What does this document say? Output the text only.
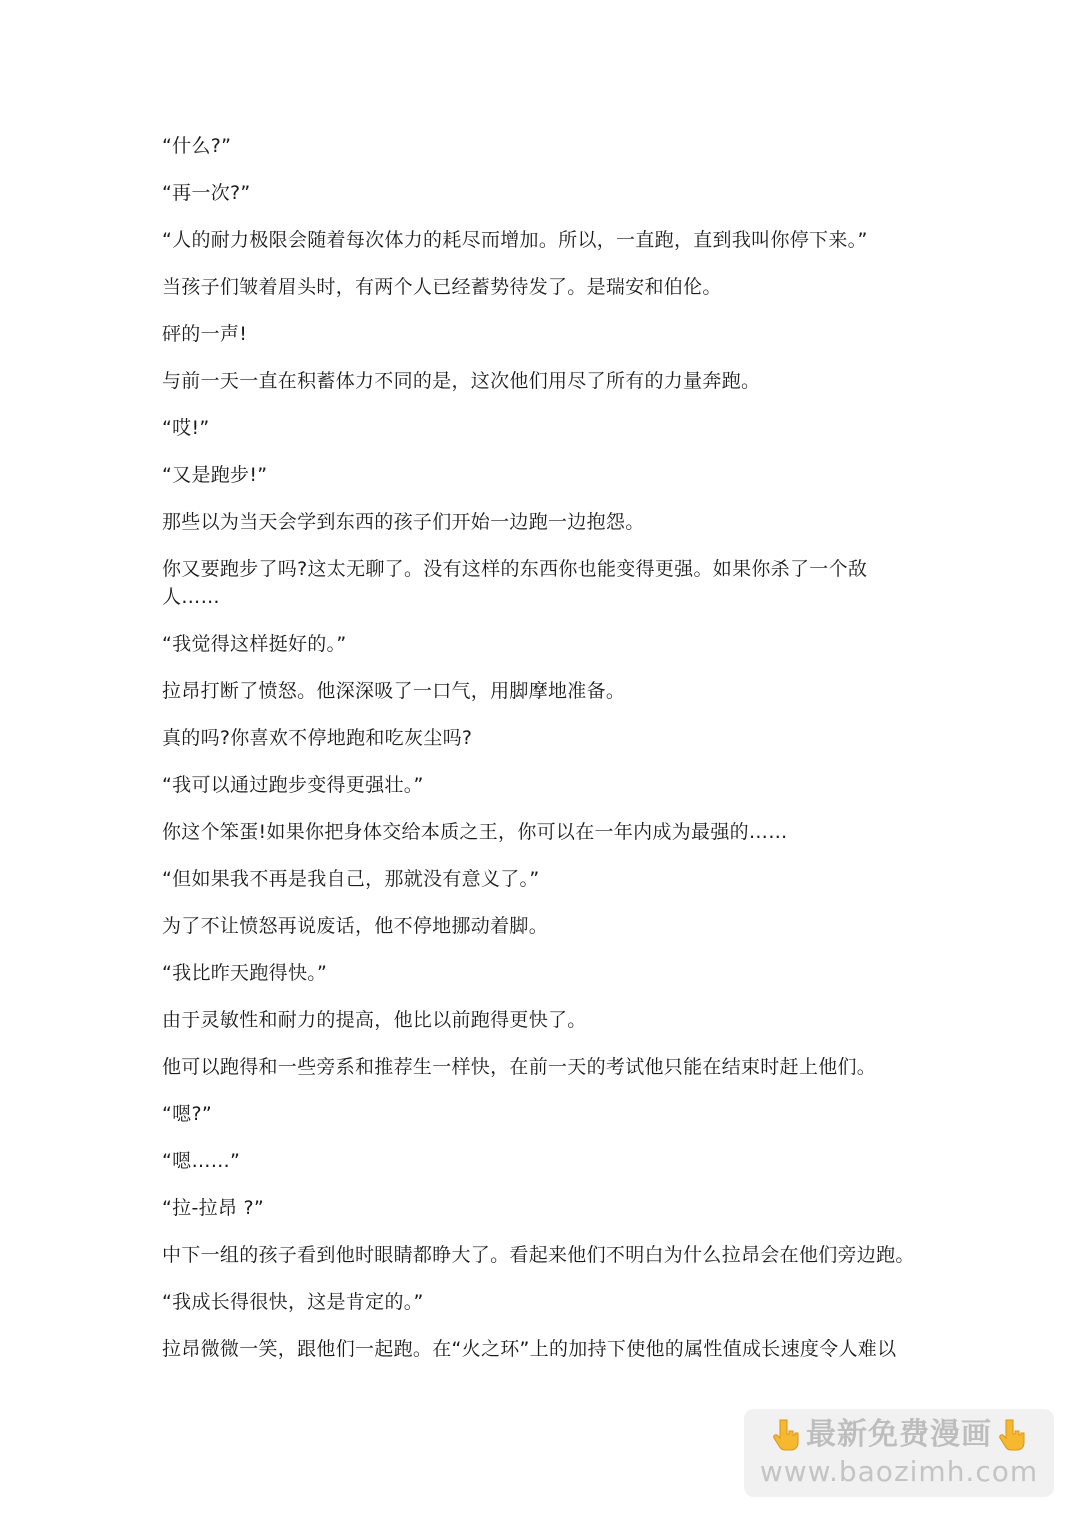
“什么?”

“再一次?”

“人的耐力极限会随着每次体力的耗尽而增加。所以，一直跑，直到我叫你停下来。”

当孩子们皱着眉头时，有两个人已经蓄势待发了。是瑞安和伯伦。

砰的一声!

与前一天一直在积蓄体力不同的是，这次他们用尽了所有的力量奔跑。

“哎!”

“又是跑步!”

那些以为当天会学到东西的孩子们开始一边跑一边抱怨。

你又要跑步了吗?这太无聊了。没有这样的东西你也能变得更强。如果你杀了一个敌人……

“我觉得这样挺好的。”

拉昂打断了愤怒。他深深吸了一口气，用脚摩地准备。

真的吗?你喜欢不停地跑和吃灰尘吗?

“我可以通过跑步变得更强壮。”

你这个笨蛋!如果你把身体交给本质之王，你可以在一年内成为最强的……

“但如果我不再是我自己，那就没有意义了。”

为了不让愤怒再说废话，他不停地挪动着脚。

“我比昨天跑得快。”

由于灵敏性和耐力的提高，他比以前跑得更快了。

他可以跑得和一些旁系和推荐生一样快，在前一天的考试他只能在结束时赶上他们。

“嗯?”

“嗯……”

“拉-拉昂 ?”

中下一组的孩子看到他时眼睛都睁大了。看起来他们不明白为什么拉昂会在他们旁边跑。

“我成长得很快，这是肯定的。”

拉昂微微一笑，跟他们一起跑。在“火之环”上的加持下使他的属性值成长速度令人难以

最新免费漫画
www.baozimh.com
